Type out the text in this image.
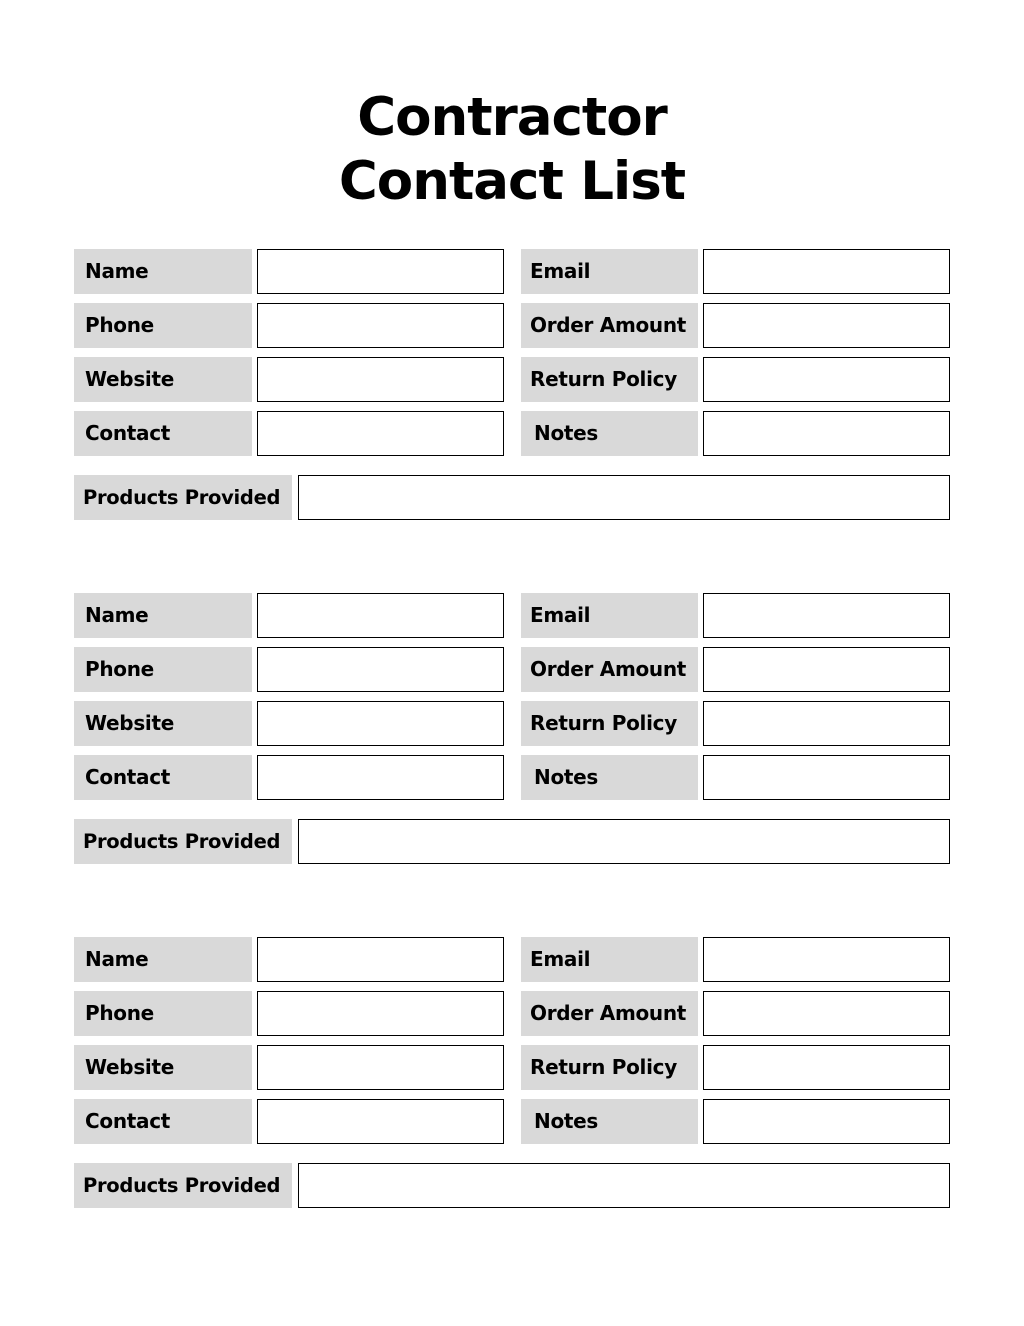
Contractor
Contact List
Name	Email
Phone	Order Amount
Website	Return Policy
Contact	Notes
Products Provided
Name	Email
Phone	Order Amount
Website	Return Policy
Contact	Notes
Products Provided
Name	Email
Phone	Order Amount
Website	Return Policy
Contact	Notes
Products Provided
